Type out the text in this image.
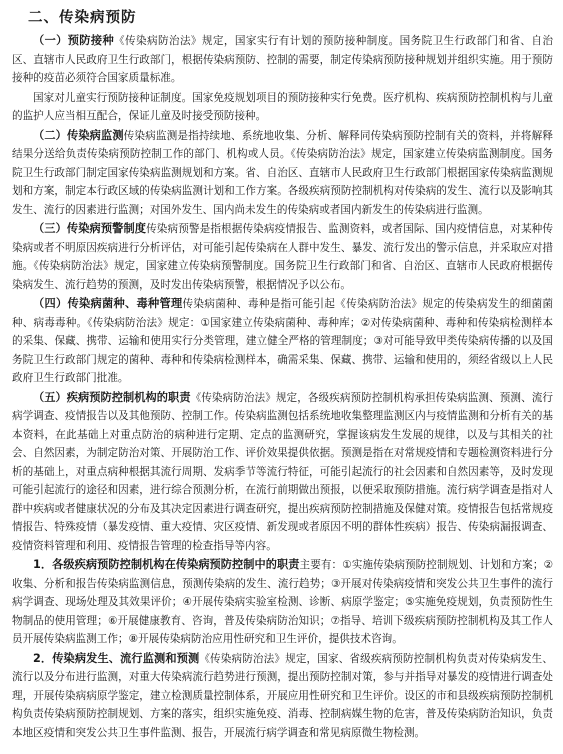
二、传染病预防

（一）预防接种《传染病防治法》规定，国家实行有计划的预防接种制度。国务院卫生行政部门和省、自治区、直辖市人民政府卫生行政部门，根据传染病预防、控制的需要，制定传染病预防接种规划并组织实施。用于预防接种的疫苗必须符合国家质量标准。

国家对儿童实行预防接种证制度。国家免疫规划项目的预防接种实行免费。医疗机构、疾病预防控制机构与儿童的监护人应当相互配合，保证儿童及时接受预防接种。

（二）传染病监测传染病监测是指持续地、系统地收集、分析、解释同传染病预防控制有关的资料，并将解释结果分送给负责传染病预防控制工作的部门、机构或人员。《传染病防治法》规定，国家建立传染病监测制度。国务院卫生行政部门制定国家传染病监测规划和方案。省、自治区、直辖市人民政府卫生行政部门根据国家传染病监测规划和方案，制定本行政区域的传染病监测计划和工作方案。各级疾病预防控制机构对传染病的发生、流行以及影响其发生、流行的因素进行监测；对国外发生、国内尚未发生的传染病或者国内新发生的传染病进行监测。

（三）传染病预警制度传染病预警是指根据传染病疫情报告、监测资料，或者国际、国内疫情信息，对某种传染病或者不明原因疾病进行分析评估，对可能引起传染病在人群中发生、暴发、流行发出的警示信息，并采取应对措施。《传染病防治法》规定，国家建立传染病预警制度。国务院卫生行政部门和省、自治区、直辖市人民政府根据传染病发生、流行趋势的预测，及时发出传染病预警，根据情况予以公布。

（四）传染病菌种、毒种管理传染病菌种、毒种是指可能引起《传染病防治法》规定的传染病发生的细菌菌种、病毒毒种。《传染病防治法》规定：①国家建立传染病菌种、毒种库；②对传染病菌种、毒种和传染病检测样本的采集、保藏、携带、运输和使用实行分类管理，建立健全严格的管理制度；③对可能导致甲类传染病传播的以及国务院卫生行政部门规定的菌种、毒种和传染病检测样本，确需采集、保藏、携带、运输和使用的，须经省级以上人民政府卫生行政部门批准。

（五）疾病预防控制机构的职责《传染病防治法》规定，各级疾病预防控制机构承担传染病监测、预测、流行病学调查、疫情报告以及其他预防、控制工作。传染病监测包括系统地收集整理监测区内与疫情监测和分析有关的基本资料，在此基础上对重点防治的病种进行定期、定点的监测研究，掌握该病发生发展的规律，以及与其相关的社会、自然因素，为制定防治对策、开展防治工作、评价效果提供依据。预测是指在对常规疫情和专题检测资料进行分析的基础上，对重点病种根据其流行周期、发病季节等流行特征，可能引起流行的社会因素和自然因素等，及时发现可能引起流行的途径和因素，进行综合预测分析，在流行前期做出预报，以便采取预防措施。流行病学调查是指对人群中疾病或者健康状况的分布及其决定因素进行调查研究，提出疾病预防控制措施及保健对策。疫情报告包括常规疫情报告、特殊疫情（暴发疫情、重大疫情、灾区疫情、新发现或者原因不明的群体性疾病）报告、传染病漏报调查、疫情资料管理和利用、疫情报告管理的检查指导等内容。

1．各级疾病预防控制机构在传染病预防控制中的职责主要有：①实施传染病预防控制规划、计划和方案；②收集、分析和报告传染病监测信息，预测传染病的发生、流行趋势；③开展对传染病疫情和突发公共卫生事件的流行病学调查、现场处理及其效果评价；④开展传染病实验室检测、诊断、病原学鉴定；⑤实施免疫规划，负责预防性生物制品的使用管理；⑥开展健康教育、咨询，普及传染病防治知识；⑦指导、培训下级疾病预防控制机构及其工作人员开展传染病监测工作；⑧开展传染病防治应用性研究和卫生评价，提供技术咨询。

2．传染病发生、流行监测和预测《传染病防治法》规定，国家、省级疾病预防控制机构负责对传染病发生、流行以及分布进行监测，对重大传染病流行趋势进行预测，提出预防控制对策，参与并指导对暴发的疫情进行调查处理，开展传染病病原学鉴定，建立检测质量控制体系，开展应用性研究和卫生评价。设区的市和县级疾病预防控制机构负责传染病预防控制规划、方案的落实，组织实施免疫、消毒、控制病媒生物的危害，普及传染病防治知识，负责本地区疫情和突发公共卫生事件监测、报告，开展流行病学调查和常见病原微生物检测。
